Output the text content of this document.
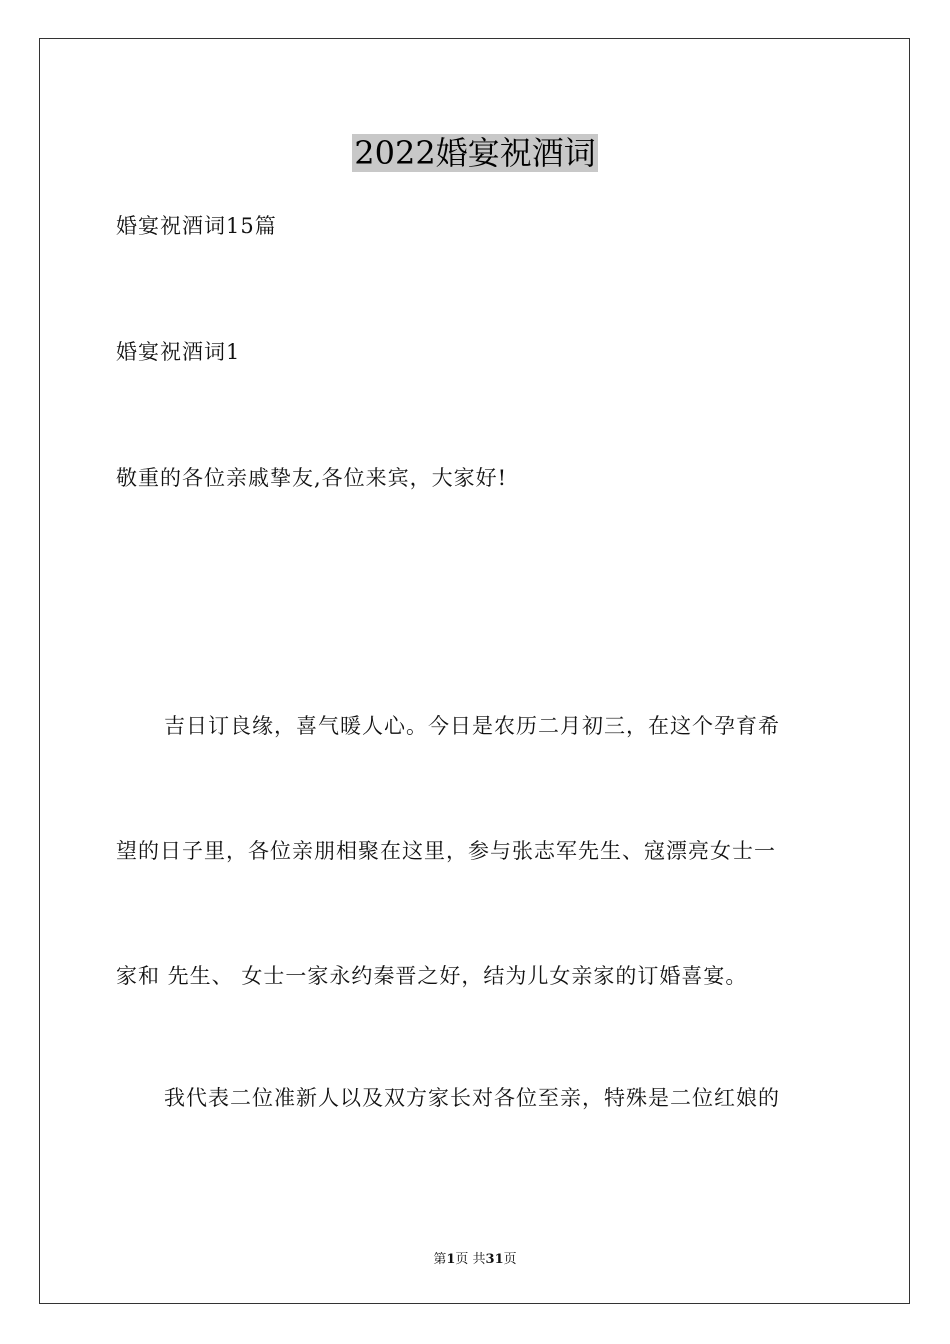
2022婚宴祝酒词
婚宴祝酒词15篇
婚宴祝酒词1
敬重的各位亲戚挚友,各位来宾，大家好!
吉日订良缘，喜气暖人心。今日是农历二月初三，在这个孕育希
望的日子里，各位亲朋相聚在这里，参与张志军先生、寇漂亮女士一
家和 先生、 女士一家永约秦晋之好，结为儿女亲家的订婚喜宴。
我代表二位准新人以及双方家长对各位至亲，特殊是二位红娘的
第1页 共31页
